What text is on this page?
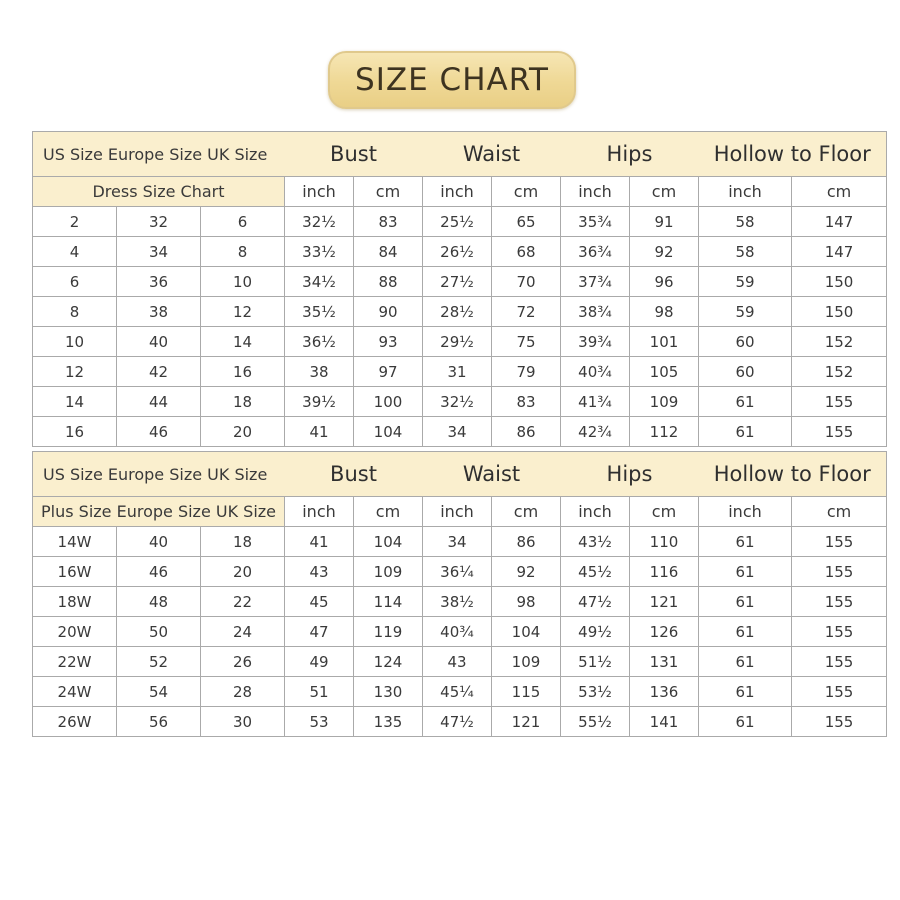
SIZE CHART
US Size Europe Size UK Size			Bust		Waist		Hips		Hollow to Floor	
Dress Size Chart			inch	cm	inch	cm	inch	cm	inch	cm
2	32	6	32½	83	25½	65	35¾	91	58	147
4	34	8	33½	84	26½	68	36¾	92	58	147
6	36	10	34½	88	27½	70	37¾	96	59	150
8	38	12	35½	90	28½	72	38¾	98	59	150
10	40	14	36½	93	29½	75	39¾	101	60	152
12	42	16	38	97	31	79	40¾	105	60	152
14	44	18	39½	100	32½	83	41¾	109	61	155
16	46	20	41	104	34	86	42¾	112	61	155
US Size Europe Size UK Size			Bust		Waist		Hips		Hollow to Floor	
Plus Size Europe Size UK Size			inch	cm	inch	cm	inch	cm	inch	cm
14W	40	18	41	104	34	86	43½	110	61	155
16W	46	20	43	109	36¼	92	45½	116	61	155
18W	48	22	45	114	38½	98	47½	121	61	155
20W	50	24	47	119	40¾	104	49½	126	61	155
22W	52	26	49	124	43	109	51½	131	61	155
24W	54	28	51	130	45¼	115	53½	136	61	155
26W	56	30	53	135	47½	121	55½	141	61	155
